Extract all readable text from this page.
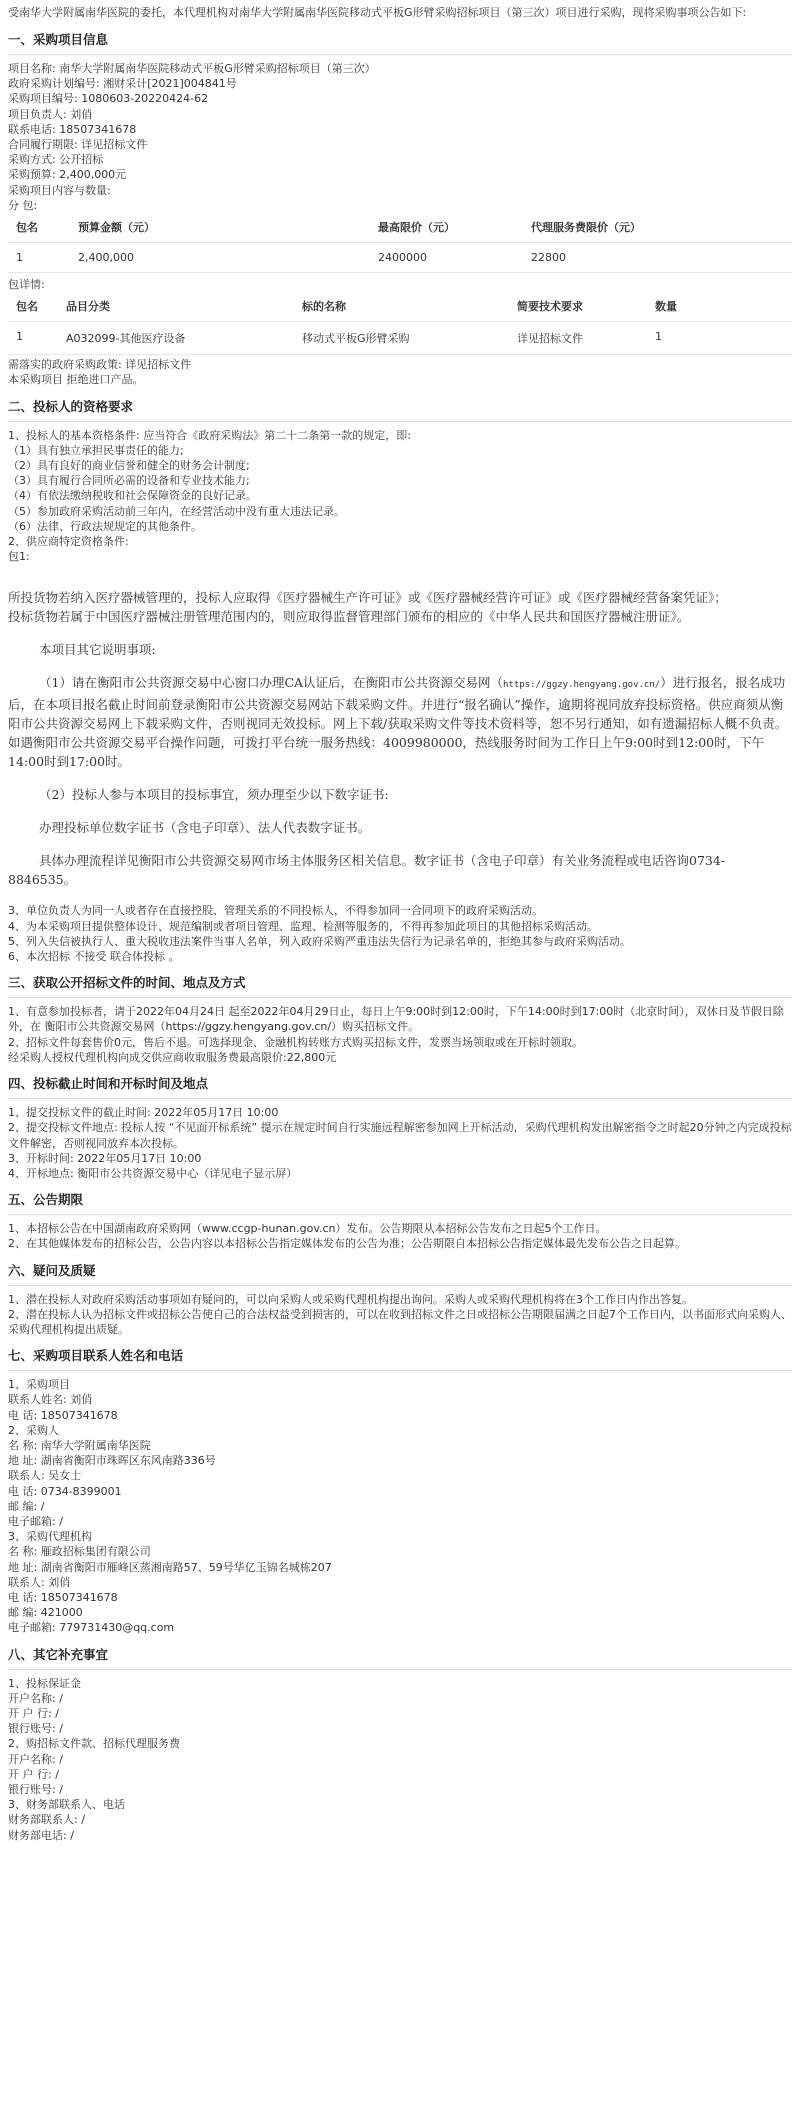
受南华大学附属南华医院的委托，本代理机构对南华大学附属南华医院移动式平板G形臂采购招标项目（第三次）项目进行采购，现将采购事项公告如下:

一、采购项目信息

项目名称: 南华大学附属南华医院移动式平板G形臂采购招标项目（第三次）

政府采购计划编号: 湘财采计[2021]004841号

采购项目编号: 1080603-20220424-62

项目负责人: 刘俏

联系电话: 18507341678

合同履行期限: 详见招标文件

采购方式: 公开招标

采购预算: 2,400,000元

采购项目内容与数量:

分 包:

包名	预算金额（元）	最高限价（元）	代理服务费限价（元）
1	2,400,000	2400000	22800

包详情:

包名	品目分类	标的名称	简要技术要求	数量
1	A032099-其他医疗设备	移动式平板G形臂采购	详见招标文件	1

需落实的政府采购政策: 详见招标文件

本采购项目 拒绝进口产品。

二、投标人的资格要求

1、投标人的基本资格条件: 应当符合《政府采购法》第二十二条第一款的规定，即:

（1）具有独立承担民事责任的能力;

（2）具有良好的商业信誉和健全的财务会计制度;

（3）具有履行合同所必需的设备和专业技术能力;

（4）有依法缴纳税收和社会保障资金的良好记录。

（5）参加政府采购活动前三年内，在经营活动中没有重大违法记录。

（6）法律、行政法规规定的其他条件。

2、供应商特定资格条件:

包1:

所投货物若纳入医疗器械管理的，投标人应取得《医疗器械生产许可证》或《医疗器械经营许可证》或《医疗器械经营备案凭证》；

投标货物若属于中国医疗器械注册管理范围内的，则应取得监督管理部门颁布的相应的《中华人民共和国医疗器械注册证》。

本项目其它说明事项:

（1）请在衡阳市公共资源交易中心窗口办理CA认证后，在衡阳市公共资源交易网（https://ggzy.hengyang.gov.cn/）进行报名，报名成功后，在本项目报名截止时间前登录衡阳市公共资源交易网站下载采购文件。并进行“报名确认”操作，逾期将视同放弃投标资格。供应商须从衡阳市公共资源交易网上下载采购文件，否则视同无效投标。网上下载/获取采购文件等技术资料等，恕不另行通知，如有遗漏招标人概不负责。如遇衡阳市公共资源交易平台操作问题，可拨打平台统一服务热线：4009980000，热线服务时间为工作日上午9:00时到12:00时，下午14:00时到17:00时。

（2）投标人参与本项目的投标事宜，须办理至少以下数字证书:

办理投标单位数字证书（含电子印章）、法人代表数字证书。

具体办理流程详见衡阳市公共资源交易网市场主体服务区相关信息。数字证书（含电子印章）有关业务流程或电话咨询0734-8846535。

3、单位负责人为同一人或者存在直接控股、管理关系的不同投标人，不得参加同一合同项下的政府采购活动。

4、为本采购项目提供整体设计、规范编制或者项目管理、监理、检测等服务的，不得再参加此项目的其他招标采购活动。

5、列入失信被执行人、重大税收违法案件当事人名单，列入政府采购严重违法失信行为记录名单的，拒绝其参与政府采购活动。

6、本次招标 不接受 联合体投标 。

三、获取公开招标文件的时间、地点及方式

1、有意参加投标者，请于2022年04月24日 起至2022年04月29日止，每日上午9:00时到12:00时，下午14:00时到17:00时（北京时间），双休日及节假日除外，在 衡阳市公共资源交易网（https://ggzy.hengyang.gov.cn/）购买招标文件。

2、招标文件每套售价0元，售后不退。可选择现金、金融机构转账方式购买招标文件，发票当场领取或在开标时领取。

经采购人授权代理机构向成交供应商收取服务费最高限价:22,800元

四、投标截止时间和开标时间及地点

1、提交投标文件的截止时间: 2022年05月17日 10:00

2、提交投标文件地点: 投标人按 “不见面开标系统” 提示在规定时间自行实施远程解密参加网上开标活动，采购代理机构发出解密指令之时起20分钟之内完成投标文件解密，否则视同放弃本次投标。

3、开标时间: 2022年05月17日 10:00

4、开标地点: 衡阳市公共资源交易中心（详见电子显示屏）

五、公告期限

1、本招标公告在中国湖南政府采购网（www.ccgp-hunan.gov.cn）发布。公告期限从本招标公告发布之日起5个工作日。

2、在其他媒体发布的招标公告，公告内容以本招标公告指定媒体发布的公告为准；公告期限自本招标公告指定媒体最先发布公告之日起算。

六、疑问及质疑

1、潜在投标人对政府采购活动事项如有疑问的，可以向采购人或采购代理机构提出询问。采购人或采购代理机构将在3个工作日内作出答复。

2、潜在投标人认为招标文件或招标公告使自己的合法权益受到损害的，可以在收到招标文件之日或招标公告期限届满之日起7个工作日内，以书面形式向采购人、采购代理机构提出质疑。

七、采购项目联系人姓名和电话

1、采购项目

联系人姓名: 刘俏

电 话: 18507341678

2、采购人

名 称: 南华大学附属南华医院

地 址: 湖南省衡阳市珠晖区东风南路336号

联系人: 吴女士

电 话: 0734-8399001

邮 编: /

电子邮箱: /

3、采购代理机构

名 称: 雁政招标集团有限公司

地 址: 湖南省衡阳市雁峰区蒸湘南路57、59号华亿玉锦名城栋207

联系人: 刘俏

电 话: 18507341678

邮 编: 421000

电子邮箱: 779731430@qq.com

八、其它补充事宜

1、投标保证金

开户名称: /

开 户 行: /

银行账号: /

2、购招标文件款、招标代理服务费

开户名称: /

开 户 行: /

银行账号: /

3、财务部联系人、电话

财务部联系人: /

财务部电话: /
